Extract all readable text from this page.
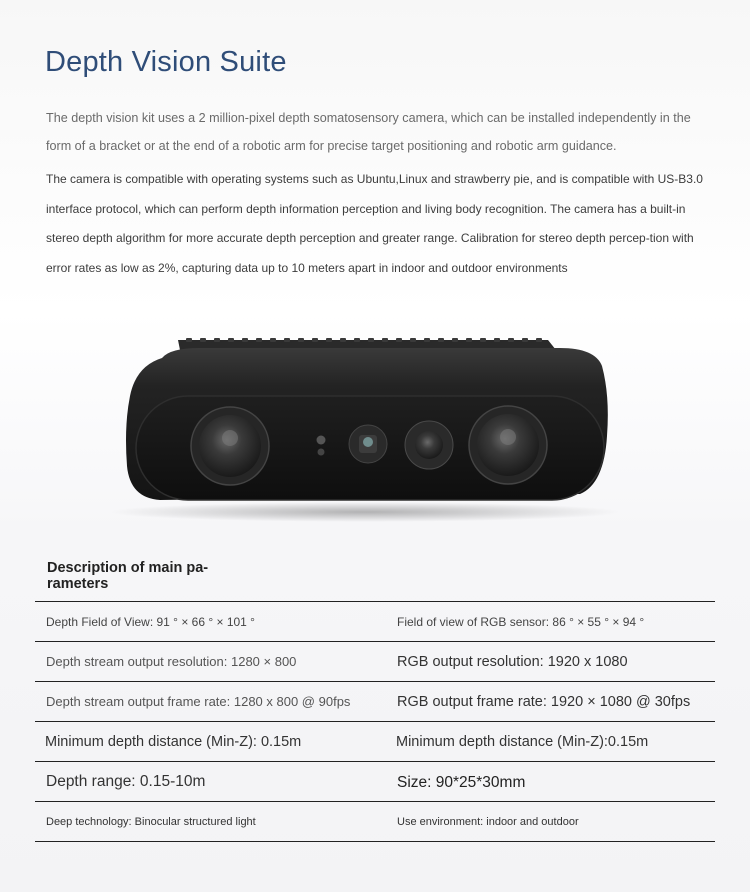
Depth Vision Suite

The depth vision kit uses a 2 million-pixel depth somatosensory camera, which can be installed independently in the form of a bracket or at the end of a robotic arm for precise target positioning and robotic arm guidance.

The camera is compatible with operating systems such as Ubuntu,Linux and strawberry pie, and is compatible with US-B3.0 interface protocol, which can perform depth information perception and living body recognition. The camera has a built-in stereo depth algorithm for more accurate depth perception and greater range. Calibration for stereo depth percep-tion with error rates as low as 2%, capturing data up to 10 meters apart in indoor and outdoor environments

Description of main pa-rameters
Depth Field of View: 91 ° × 66 ° × 101 °	Field of view of RGB sensor: 86 ° × 55 ° × 94 °
Depth stream output resolution: 1280 × 800	RGB output resolution: 1920 x 1080
Depth stream output frame rate: 1280 x 800 @ 90fps	RGB output frame rate: 1920 × 1080 @ 30fps
Minimum depth distance (Min-Z): 0.15m	Minimum depth distance (Min-Z):0.15m
Depth range: 0.15-10m	Size: 90*25*30mm
Deep technology: Binocular structured light	Use environment: indoor and outdoor
